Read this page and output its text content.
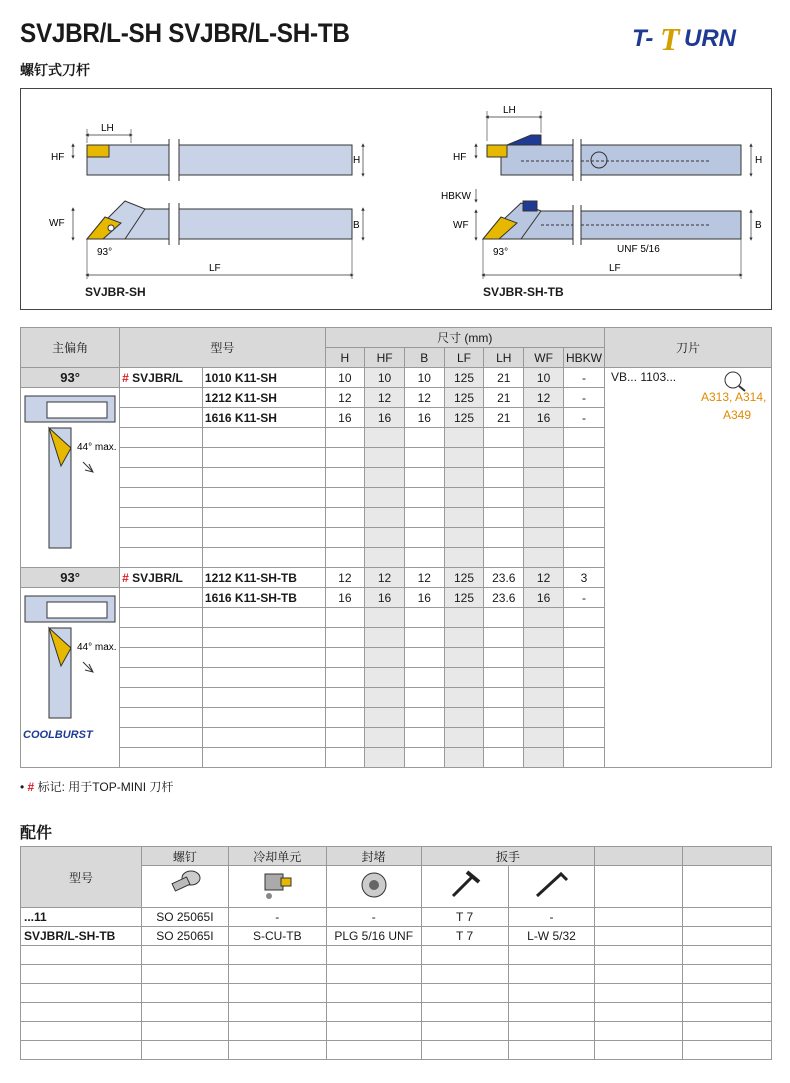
SVJBR/L-SH SVJBR/L-SH-TB
螺钉式刀杆
T- T URN
LH
HF	H
WF	B
LF
93°
LH
HF	H
HBKW
WF	B
UNF 5/16
LF
93°
SVJBR-SH	SVJBR-SH-TB
主偏角	型号		尺寸 (mm)							刀片
			H	HF	B	LF	LH	WF	HBKW	
93°	# SVJBR/L	1010 K11-SH	10	10	10	125	21	10	-	VB... 1103...
A313, A314,
A349

44° max.		1212 K11-SH	12	12	12	125	21	12	-	
		1616 K11-SH	16	16	16	125	21	16	-	

93°	# SVJBR/L	1212 K11-SH-TB	12	12	12	125	23.6	12	3	

44° max.
COOLBURST		1616 K11-SH-TB	16	16	16	125	23.6	16	-	

• # 标记: 用于TOP-MINI 刀杆
配件
型号	螺钉	冷却单元	封堵	扳手			

...11	SO 25065I	-	-	T 7	-		
SVJBR/L-SH-TB	SO 25065I	S-CU-TB	PLG 5/16 UNF	T 7	L-W 5/32		
